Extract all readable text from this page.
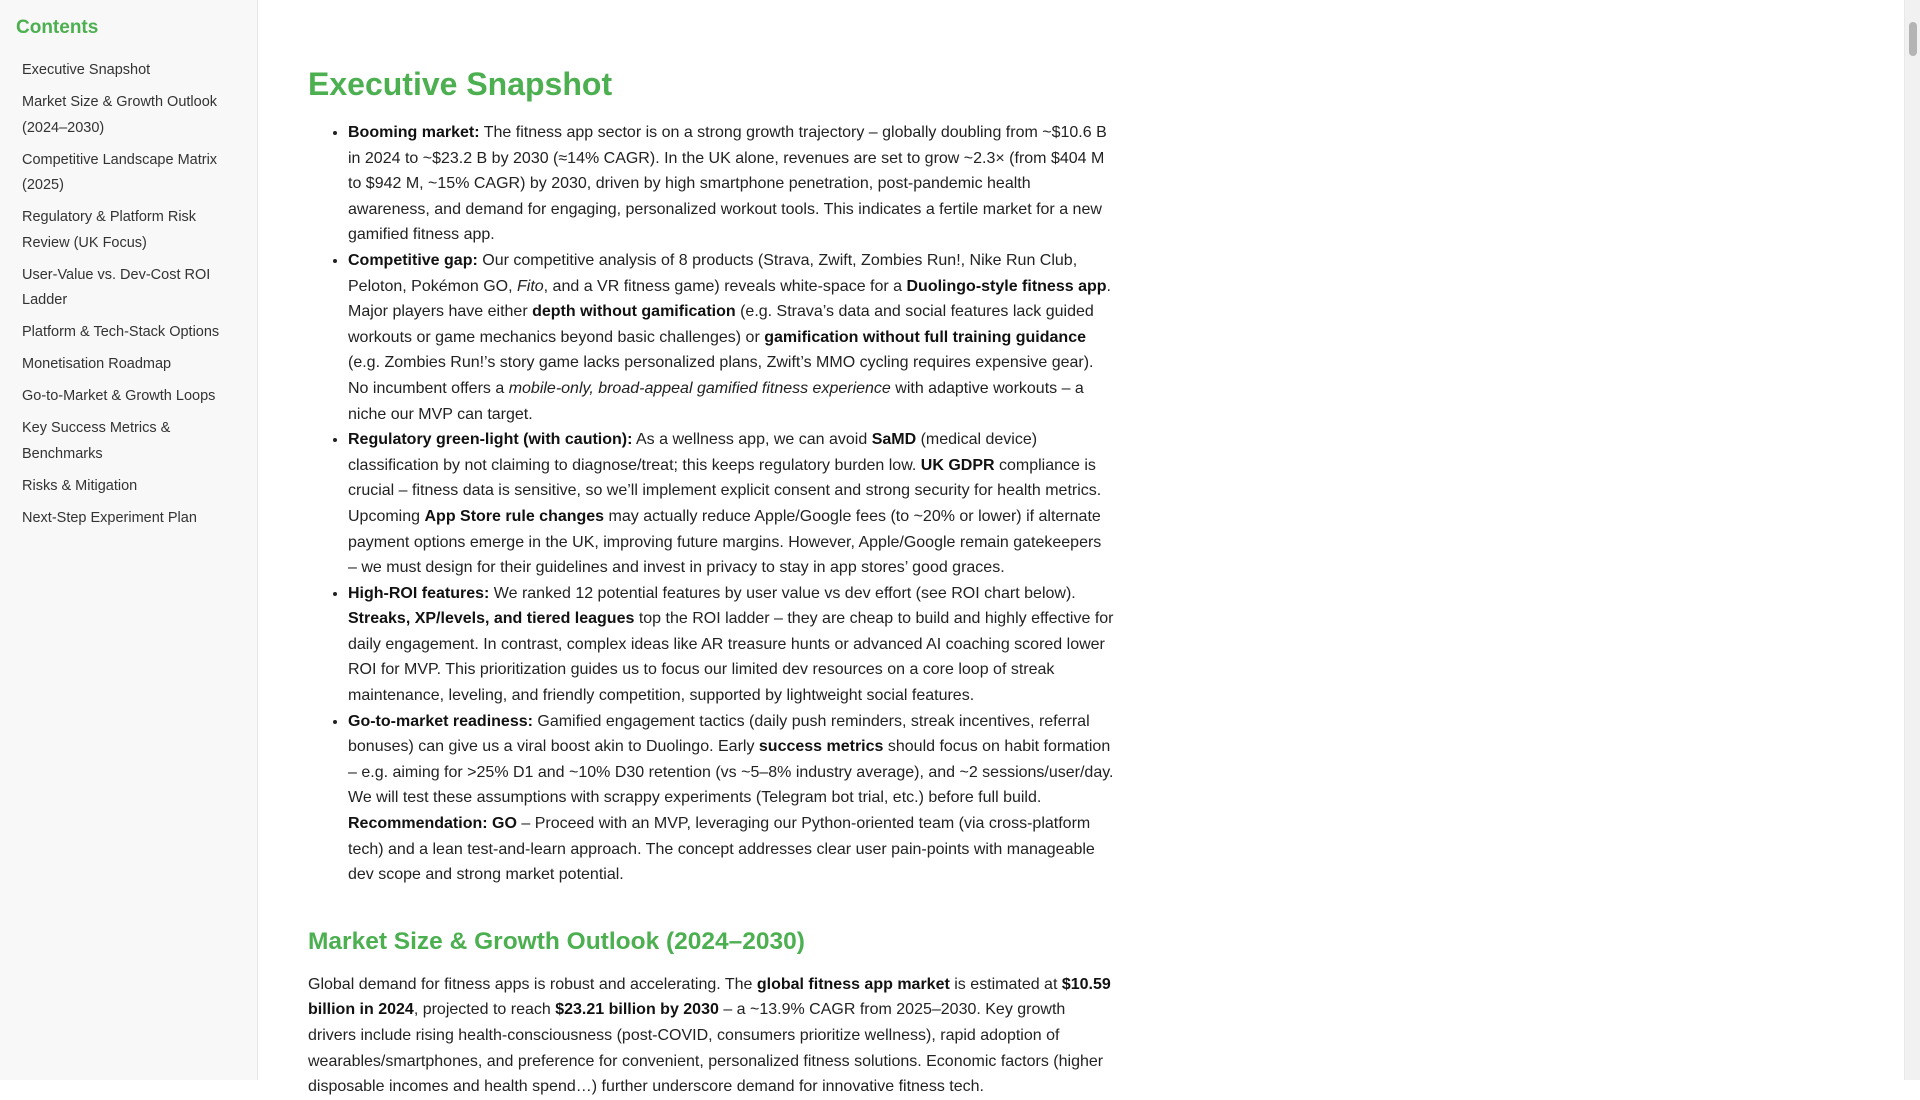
Contents
Executive Snapshot
Market Size & Growth Outlook (2024–2030)
Competitive Landscape Matrix (2025)
Regulatory & Platform Risk Review (UK Focus)
User-Value vs. Dev-Cost ROI Ladder
Platform & Tech-Stack Options
Monetisation Roadmap
Go-to-Market & Growth Loops
Key Success Metrics & Benchmarks
Risks & Mitigation
Next-Step Experiment Plan
Executive Snapshot
• Booming market: The fitness app sector is on a strong growth trajectory – globally doubling from ~$10.6 B in 2024 to ~$23.2 B by 2030 (≈14% CAGR). In the UK alone, revenues are set to grow ~2.3× (from $404 M to $942 M, ~15% CAGR) by 2030, driven by high smartphone penetration, post-pandemic health awareness, and demand for engaging, personalized workout tools. This indicates a fertile market for a new gamified fitness app.
• Competitive gap: Our competitive analysis of 8 products (Strava, Zwift, Zombies Run!, Nike Run Club, Peloton, Pokémon GO, Fito, and a VR fitness game) reveals white-space for a Duolingo-style fitness app. Major players have either depth without gamification (e.g. Strava’s data and social features lack guided workouts or game mechanics beyond basic challenges) or gamification without full training guidance (e.g. Zombies Run!’s story game lacks personalized plans, Zwift’s MMO cycling requires expensive gear). No incumbent offers a mobile-only, broad-appeal gamified fitness experience with adaptive workouts – a niche our MVP can target.
• Regulatory green-light (with caution): As a wellness app, we can avoid SaMD (medical device) classification by not claiming to diagnose/treat; this keeps regulatory burden low. UK GDPR compliance is crucial – fitness data is sensitive, so we’ll implement explicit consent and strong security for health metrics. Upcoming App Store rule changes may actually reduce Apple/Google fees (to ~20% or lower) if alternate payment options emerge in the UK, improving future margins. However, Apple/Google remain gatekeepers – we must design for their guidelines and invest in privacy to stay in app stores’ good graces.
• High-ROI features: We ranked 12 potential features by user value vs dev effort (see ROI chart below). Streaks, XP/levels, and tiered leagues top the ROI ladder – they are cheap to build and highly effective for daily engagement. In contrast, complex ideas like AR treasure hunts or advanced AI coaching scored lower ROI for MVP. This prioritization guides us to focus our limited dev resources on a core loop of streak maintenance, leveling, and friendly competition, supported by lightweight social features.
• Go-to-market readiness: Gamified engagement tactics (daily push reminders, streak incentives, referral bonuses) can give us a viral boost akin to Duolingo. Early success metrics should focus on habit formation – e.g. aiming for >25% D1 and ~10% D30 retention (vs ~5–8% industry average), and ~2 sessions/user/day. We will test these assumptions with scrappy experiments (Telegram bot trial, etc.) before full build. Recommendation: GO – Proceed with an MVP, leveraging our Python-oriented team (via cross-platform tech) and a lean test-and-learn approach. The concept addresses clear user pain-points with manageable dev scope and strong market potential.
Market Size & Growth Outlook (2024–2030)

Global demand for fitness apps is robust and accelerating. The global fitness app market is estimated at $10.59 billion in 2024, projected to reach $23.21 billion by 2030 – a ~13.9% CAGR from 2025–2030. Key growth drivers include rising health-consciousness (post-COVID, consumers prioritize wellness), rapid adoption of wearables/smartphones, and preference for convenient, personalized fitness solutions. Economic factors (higher disposable incomes and health spend…) further underscore demand for innovative fitness tech.
